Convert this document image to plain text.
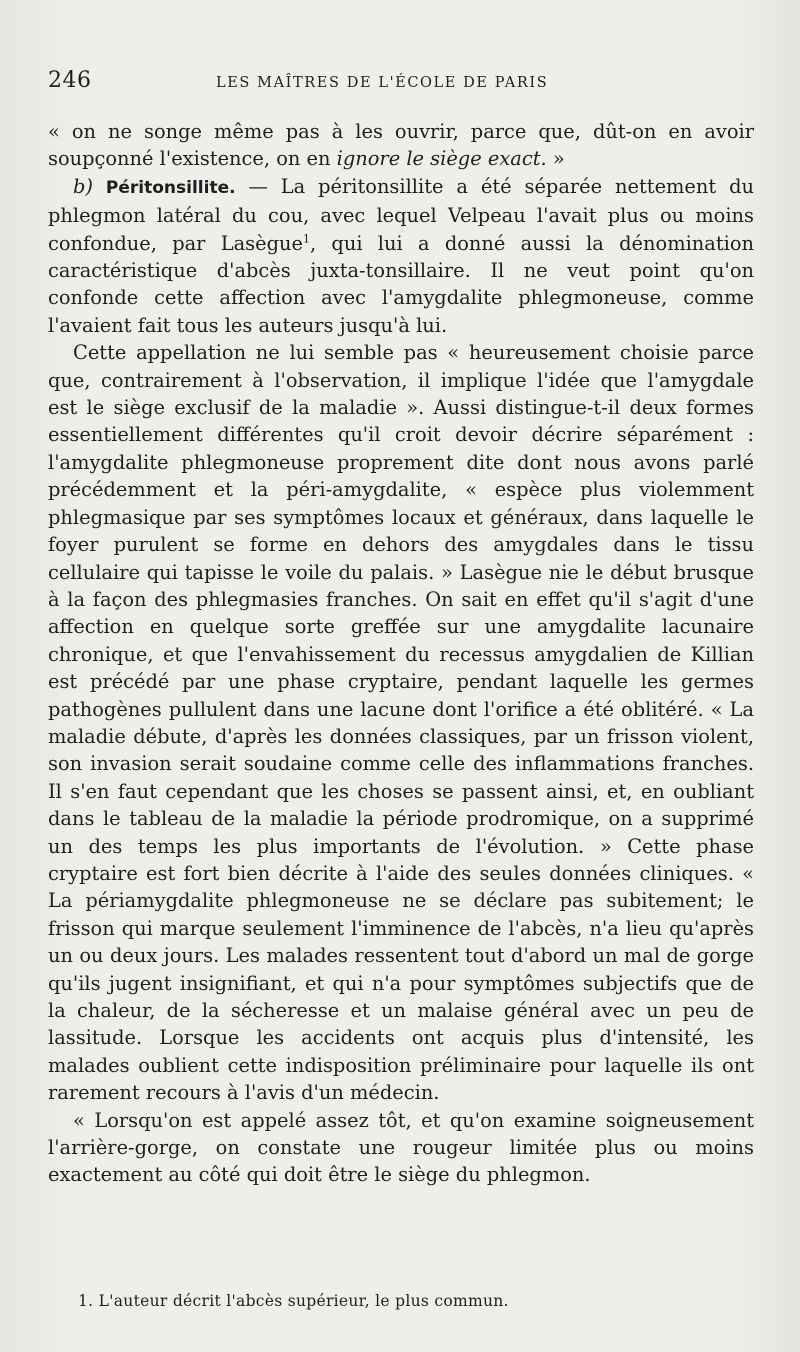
246	LES MAÎTRES DE L'ÉCOLE DE PARIS

« on ne songe même pas à les ouvrir, parce que, dût-on en avoir soupçonné l'existence, on en ignore le siège exact. »

b) Péritonsillite. — La péritonsillite a été séparée nettement du phlegmon latéral du cou, avec lequel Velpeau l'avait plus ou moins confondue, par Lasègue$^1$, qui lui a donné aussi la dénomination caractéristique d'abcès juxta-tonsillaire. Il ne veut point qu'on confonde cette affection avec l'amygdalite phlegmoneuse, comme l'avaient fait tous les auteurs jusqu'à lui.

Cette appellation ne lui semble pas « heureusement choisie parce que, contrairement à l'observation, il implique l'idée que l'amygdale est le siège exclusif de la maladie ». Aussi distingue-t-il deux formes essentiellement différentes qu'il croit devoir décrire séparément : l'amygdalite phlegmoneuse proprement dite dont nous avons parlé précédemment et la péri-amygdalite, « espèce plus violemment phlegmasique par ses symptômes locaux et généraux, dans laquelle le foyer purulent se forme en dehors des amygdales dans le tissu cellulaire qui tapisse le voile du palais. » Lasègue nie le début brusque à la façon des phlegmasies franches. On sait en effet qu'il s'agit d'une affection en quelque sorte greffée sur une amygdalite lacunaire chronique, et que l'envahissement du recessus amygdalien de Killian est précédé par une phase cryptaire, pendant laquelle les germes pathogènes pullulent dans une lacune dont l'orifice a été oblitéré. « La maladie débute, d'après les données classiques, par un frisson violent, son invasion serait soudaine comme celle des inflammations franches. Il s'en faut cependant que les choses se passent ainsi, et, en oubliant dans le tableau de la maladie la période prodromique, on a supprimé un des temps les plus importants de l'évolution. » Cette phase cryptaire est fort bien décrite à l'aide des seules données cliniques. « La périamygdalite phlegmoneuse ne se déclare pas subitement; le frisson qui marque seulement l'imminence de l'abcès, n'a lieu qu'après un ou deux jours. Les malades ressentent tout d'abord un mal de gorge qu'ils jugent insignifiant, et qui n'a pour symptômes subjectifs que de la chaleur, de la sécheresse et un malaise général avec un peu de lassitude. Lorsque les accidents ont acquis plus d'intensité, les malades oublient cette indisposition préliminaire pour laquelle ils ont rarement recours à l'avis d'un médecin.

« Lorsqu'on est appelé assez tôt, et qu'on examine soigneusement l'arrière-gorge, on constate une rougeur limitée plus ou moins exactement au côté qui doit être le siège du phlegmon.

1. L'auteur décrit l'abcès supérieur, le plus commun.
